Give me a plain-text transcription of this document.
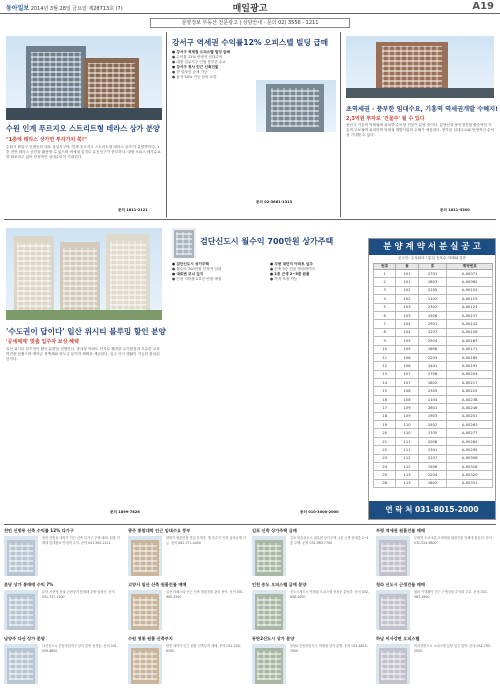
동아일보 2014년 3월 28일 금요일 제28713호 (7)	매일광고	A19
분양정보 부동산 전문광고 | 상담안내 · 문의 02) 3556 - 1211
수원 인계 푸르지오 스트리트형 테라스 상가 분양
"1층에 테라스 상가면 투자가치 쑥!"
수원시 팔달구 인계동의 대표 상업지구에 '인계 푸르지오 스트리트형 테라스 상가'가 분양중이다. 1층 전면 테라스 공간을 활용할 수 있으며 역세권 입지로 유동인구가 풍부하다. 대형 오피스 배후수요를 확보하고 있어 안정적인 임대수익이 기대된다.
문의 1811-2121
강서구 역세권 수익률12% 오피스텔 빌딩 급매
● 강서구 역세권 오피스텔 빌딩 급매
● 수익률 12% 안정적 임대수익
● 대형 업무지구 인접 풍부한 수요
● 강서구 청사 인근 신축건물
● 현 임차인 승계 가능
● 융자 50% 가능 문의 요망
문의 02-3661-1313
초역세권 · 풍부한 임대수요, 기흥역 역세권개발 수혜지!
2,3억원 투자로 '건물주' 될 수 있다
용인시 기흥역 역세권에 위치한 수익형 건물이 분양 중이다. 분당선과 용인경전철 환승역인 기흥역 도보권에 위치하며 역세권 개발사업의 수혜가 예상된다. 풍부한 임대수요와 안정적인 수익을 기대할 수 있다.
문의 1811-5500
검단신도시 월수익 700만원 상가주택
● 검단신도시 상가주택
● 월수익 700만원 안정적 임대
● 대로변 코너 입지
● 인천 지하철 1호선 연장 예정
● 주변 대단지 아파트 입주
● 신축 5층 건물 엘리베이터
● 1층 근생 2~5층 원룸
● 가격 조정 가능
문의 010-3000-2000
'수도권이 답이다' 일산 위시티 블루밍 할인 분양
'공세체계' 맞춤 입주자 보상 혜택
일산 위시티 블루밍이 할인 분양을 진행한다. 중대형 아파트 단지로 쾌적한 주거환경과 우수한 교육여건을 갖췄으며 계약금 정액제와 중도금 무이자 혜택을 제공한다. 입주 즉시 생활이 가능한 완성된 단지다.
문의 1899-7826
분 양 계 약 서 분 실 공 고
공고인: 주식회사 / 분실 동호수 아래와 같음
번호	동	호	계약번호
1	101	2701	A-00071
2	101	1803	A-00082
3	102	2105	A-00103
4	102	1102	A-00115
5	103	2302	A-00124
6	103	1506	A-00137
7	104	2901	A-00142
8	104	1207	A-00156
9	105	2504	A-00163
10	105	1608	A-00171
11	106	2203	A-00185
12	106	1401	A-00192
13	107	2706	A-00204
14	107	1802	A-00217
15	108	2305	A-00225
16	108	1104	A-00238
17	109	2601	A-00246
18	109	1903	A-00251
19	110	2402	A-00263
20	110	1705	A-00277
21	111	2008	A-00284
22	111	1301	A-00295
23	112	2107	A-00306
24	112	1506	A-00318
25	113	2204	A-00320
26	113	1802	A-00331
연 락 처 031-8015-2000
천안 신방동 신축 수익률 12% 다가구
천안 신방동 대학가 인근 신축 다가구 주택 매매. 원룸 전세대 임대완료 안정적 수익. 문의 041-563-2211
광주 통합대학 인근 임대수요 풍부
대학가 원룸건물 만실 운영중. 월 순수익 안정 융자승계 가능. 문의 062-371-4400
김포 신축 상가주택 급매
김포 한강신도시 대로변 상가주택. 1층 근생 임대중 2~4층 주택. 문의 031-983-7700
부평 역세권 원룸건물 매매
부평역 도보 5분 초역세권 원룸건물 전세대 풀옵션. 문의 032-524-6600
분당 상가 통매매 수익 7%
분당 서현역 상권 근린상가 통매매 우량 임차인. 문의 031-707-1500
고양시 일산 신축 원룸건물 매매
일산 라페스타 인근 신축 원룸건물 관리 용이. 문의 031-905-3200
인천 송도 오피스텔 급매 분양
송도국제도시 역세권 오피스텔 선착순 분양중. 문의 032-858-4000
청라 신도시 근생건물 매매
청라 커낼웨이 인근 근생건물 수익률 우수. 문의 032-563-1900
남양주 다산 상가 분양
다산신도시 중심상업지구 상가 분양 선착순. 문의 031-559-8800
수원 영통 원룸 신축부지
영통 대학가 인근 원룸 신축부지 매매. 문의 031-204-6300
동탄2신도시 상가 분양
동탄2 중심상업지구 역세권 상가 분양. 문의 031-8015-7000
하남 미사강변 오피스텔
미사강변도시 오피스텔 분양 입주 임박. 문의 031-793-2500
